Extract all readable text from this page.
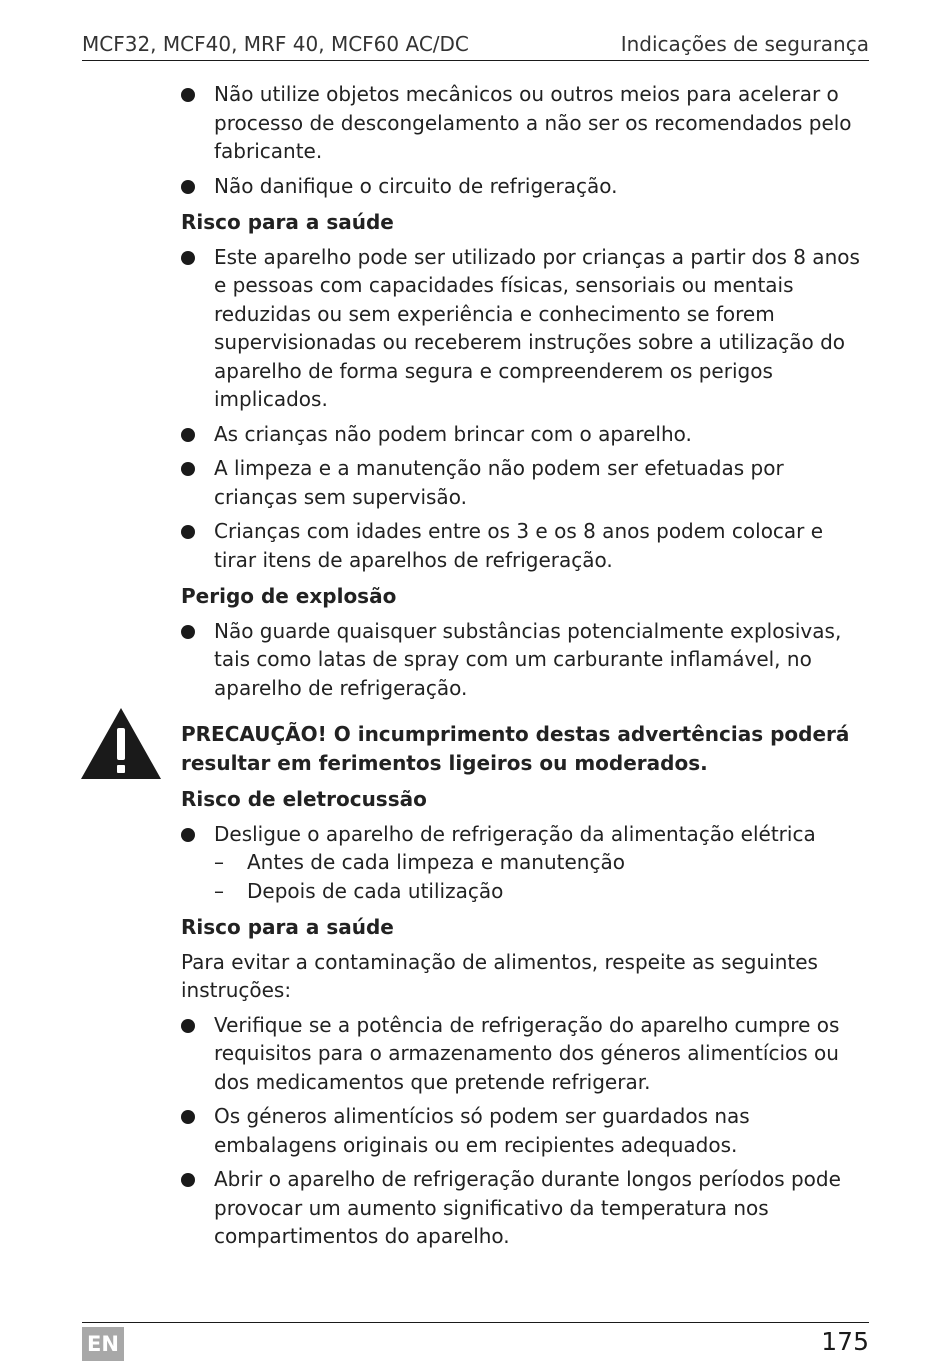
MCF32, MCF40, MRF 40, MCF60 AC/DC	Indicações de segurança
Não utilize objetos mecânicos ou outros meios para acelerar o processo de descongelamento a não ser os recomendados pelo fabricante.
Não danifique o circuito de refrigeração.
Risco para a saúde
Este aparelho pode ser utilizado por crianças a partir dos 8 anos e pessoas com capacidades físicas, sensoriais ou mentais reduzidas ou sem experiência e conhecimento se forem supervisionadas ou receberem instruções sobre a utilização do aparelho de forma segura e compreenderem os perigos implicados.
As crianças não podem brincar com o aparelho.
A limpeza e a manutenção não podem ser efetuadas por crianças sem supervisão.
Crianças com idades entre os 3 e os 8 anos podem colocar e tirar itens de aparelhos de refrigeração.
Perigo de explosão
Não guarde quaisquer substâncias potencialmente explosivas, tais como latas de spray com um carburante inflamável, no aparelho de refrigeração.
PRECAUÇÃO! O incumprimento destas advertências poderá resultar em ferimentos ligeiros ou moderados.
Risco de eletrocussão
Desligue o aparelho de refrigeração da alimentação elétrica
– Antes de cada limpeza e manutenção
– Depois de cada utilização
Risco para a saúde
Para evitar a contaminação de alimentos, respeite as seguintes instruções:
Verifique se a potência de refrigeração do aparelho cumpre os requisitos para o armazenamento dos géneros alimentícios ou dos medicamentos que pretende refrigerar.
Os géneros alimentícios só podem ser guardados nas embalagens originais ou em recipientes adequados.
Abrir o aparelho de refrigeração durante longos períodos pode provocar um aumento significativo da temperatura nos compartimentos do aparelho.
EN	175
